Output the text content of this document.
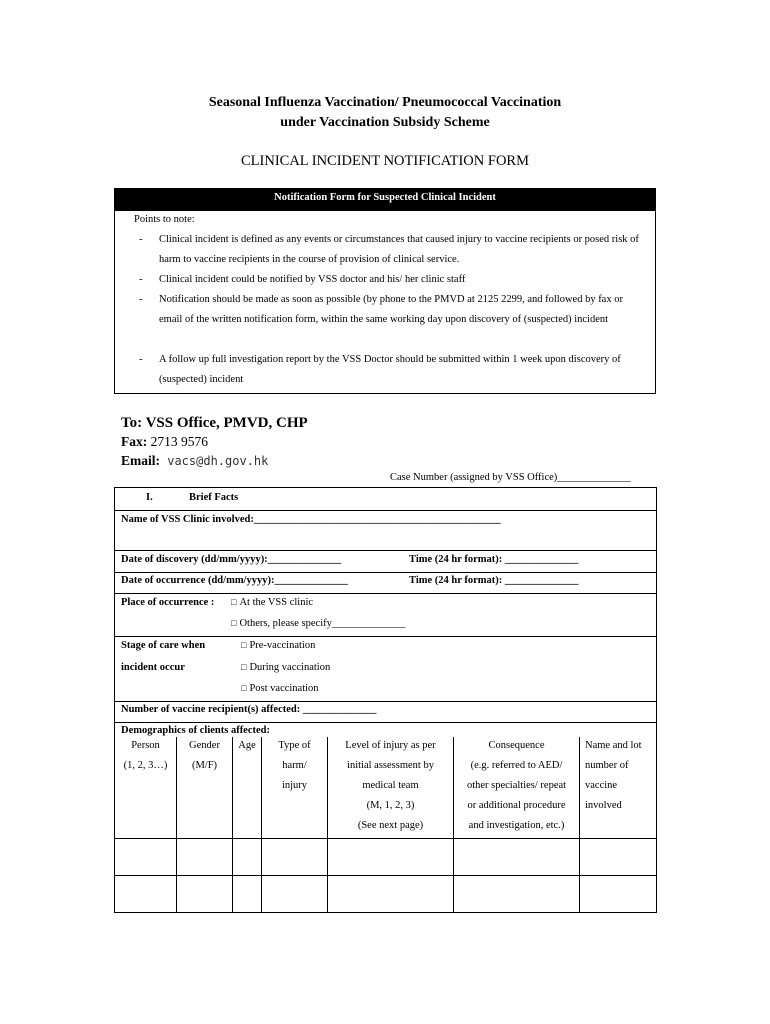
Seasonal Influenza Vaccination/ Pneumococcal Vaccination
under Vaccination Subsidy Scheme
CLINICAL INCIDENT NOTIFICATION FORM
Notification Form for Suspected Clinical Incident
Points to note:
- Clinical incident is defined as any events or circumstances that caused injury to vaccine recipients or posed risk of harm to vaccine recipients in the course of provision of clinical service.
- Clinical incident could be notified by VSS doctor and his/ her clinic staff
- Notification should be made as soon as possible (by phone to the PMVD at 2125 2299, and followed by fax or email of the written notification form, within the same working day upon discovery of (suspected) incident
- A follow up full investigation report by the VSS Doctor should be submitted within 1 week upon discovery of (suspected) incident
To: VSS Office, PMVD, CHP
Fax: 2713 9576
Email: vacs@dh.gov.hk
Case Number (assigned by VSS Office)______________
I.	Brief Facts
Name of VSS Clinic involved:_______________________________________________
Date of discovery (dd/mm/yyyy):______________	Time (24 hr format): ______________
Date of occurrence (dd/mm/yyyy):______________	Time (24 hr format): ______________
Place of occurrence :
□	At the VSS clinic
□ Others, please specify______________
Stage of care when
incident occur
□ Pre-vaccination
□ During vaccination
□ Post vaccination
Number of vaccine recipient(s) affected: ______________
Demographics of clients affected:
Person
(1, 2, 3…)
Gender
(M/F)
Age	Type of
harm/
injury
Level of injury as per
initial assessment by
medical team
(M, 1, 2, 3)
(See next page)
Consequence
(e.g. referred to AED/
other specialties/ repeat
or additional procedure
and investigation, etc.)
Name and lot
number of
vaccine
involved
